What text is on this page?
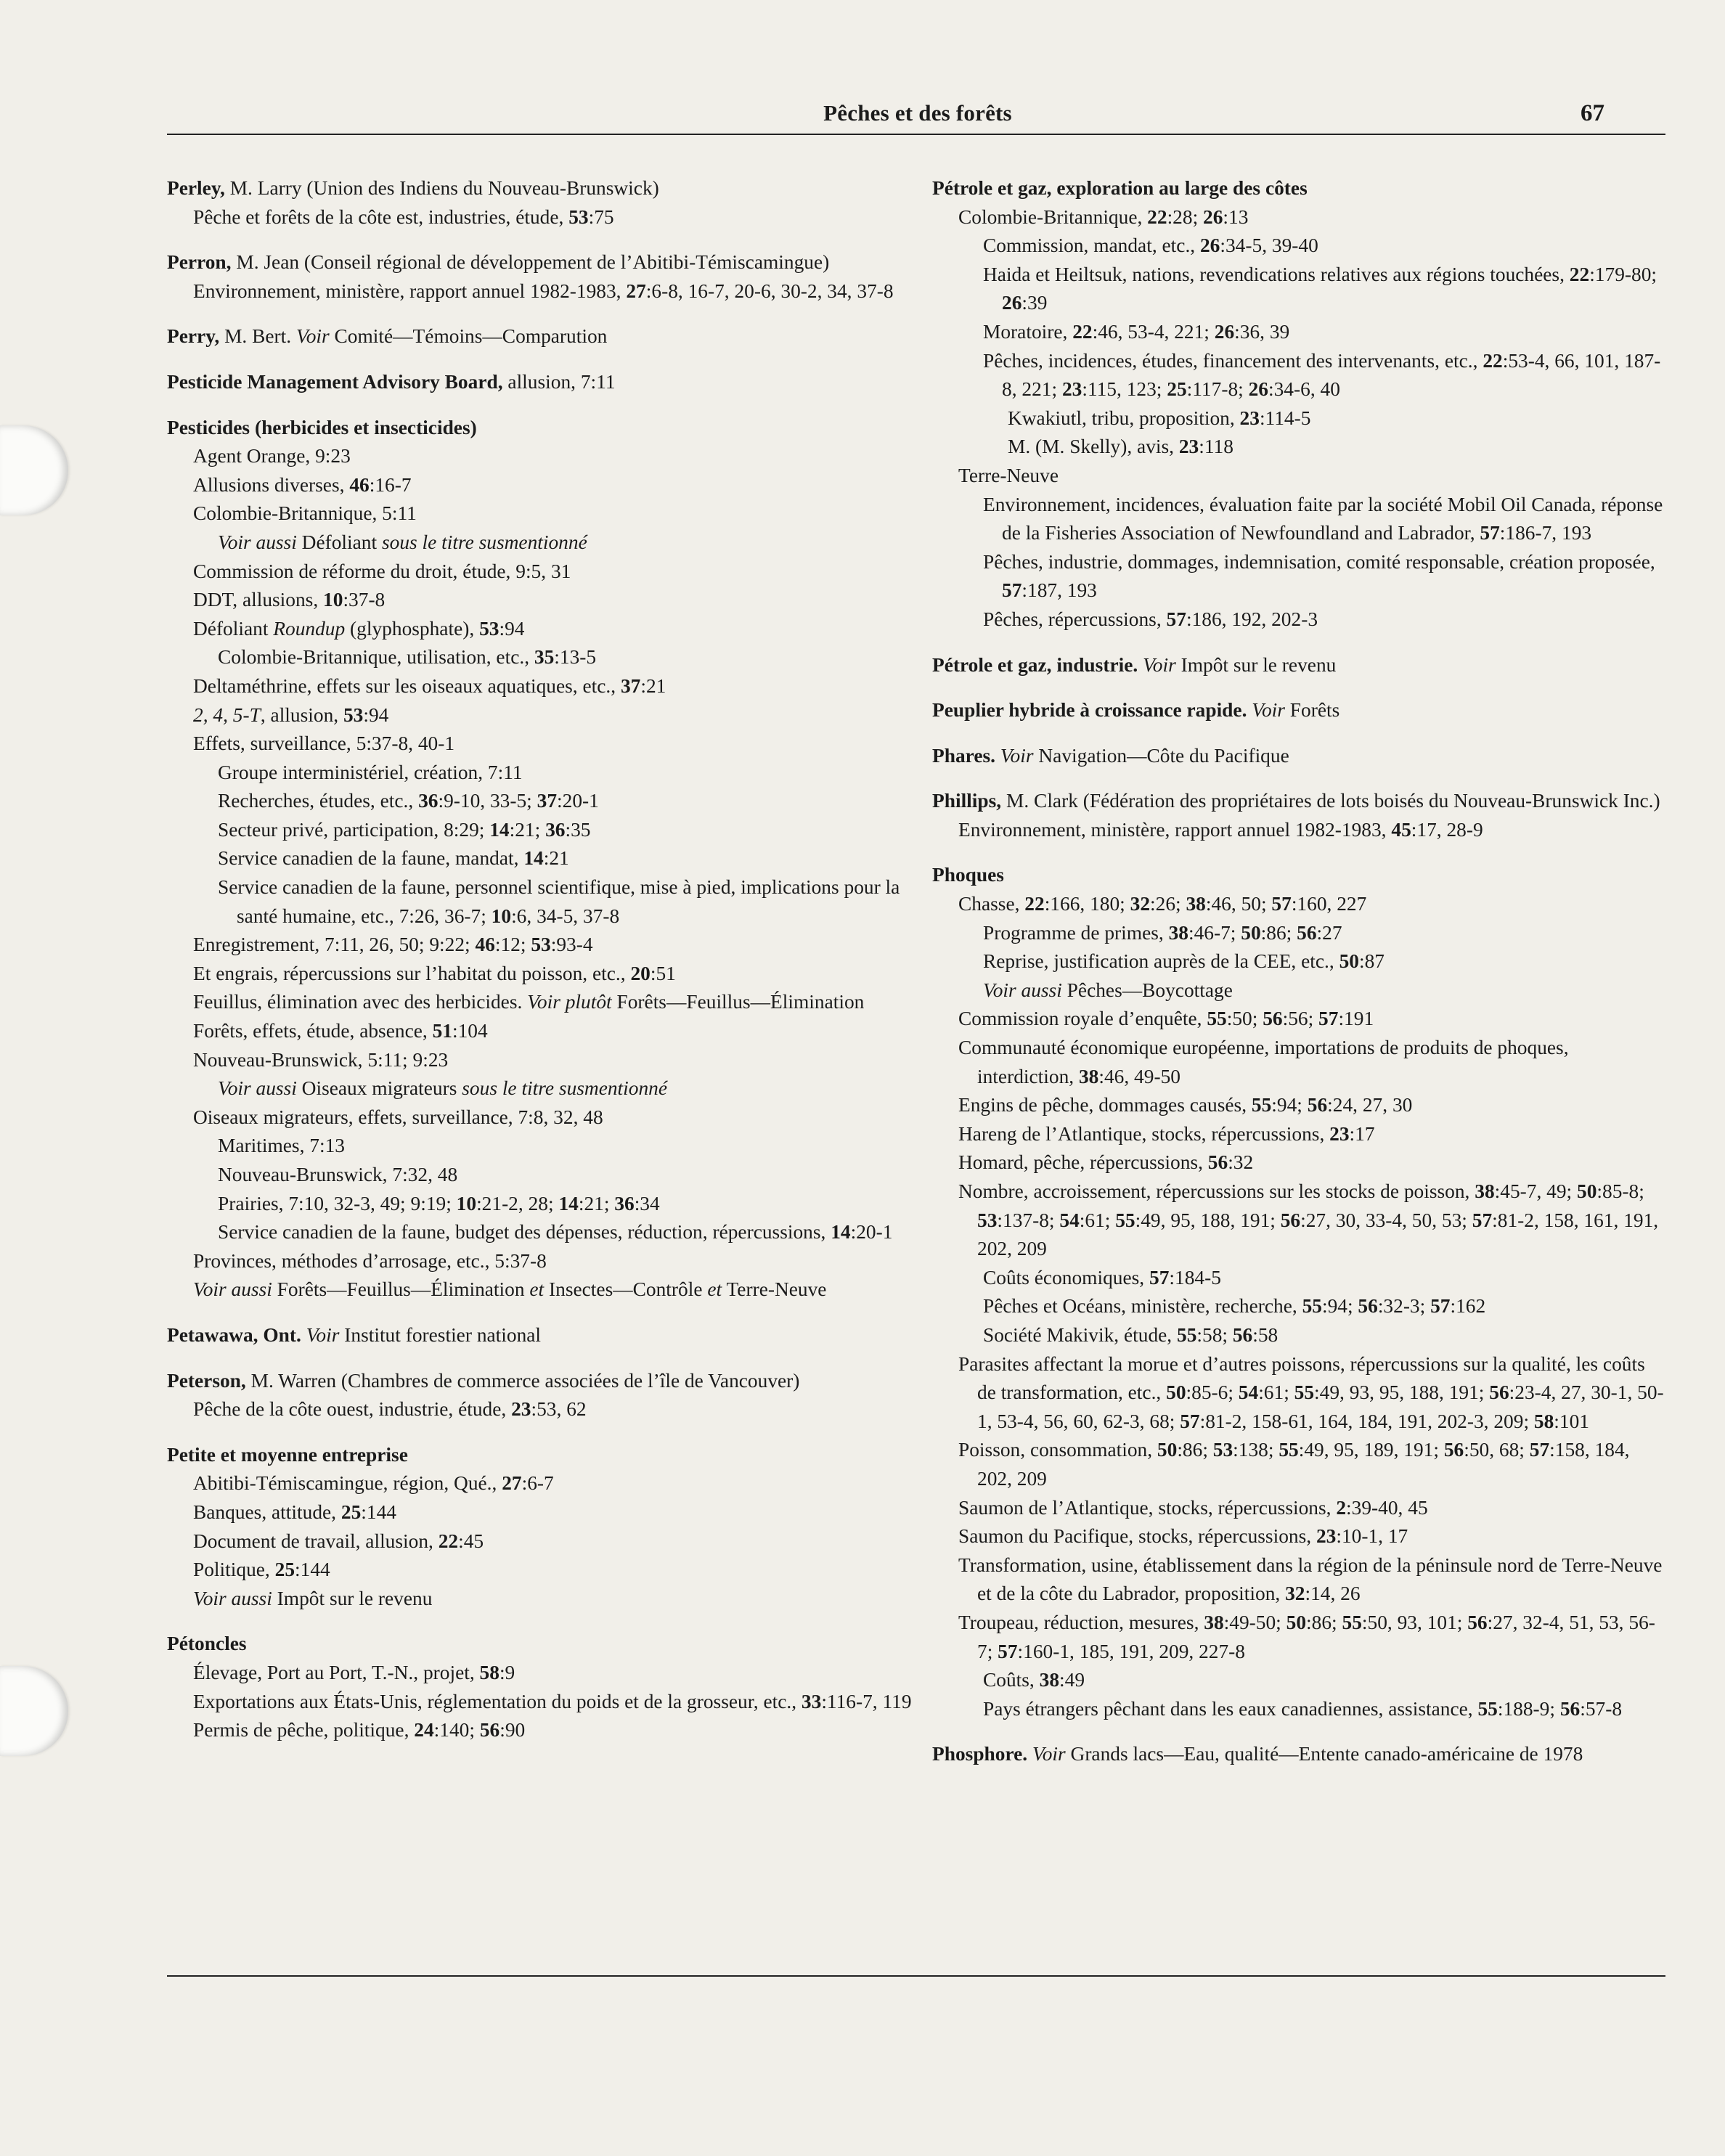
Pêches et des forêts	67

Perley, M. Larry (Union des Indiens du Nouveau-Brunswick)

Pêche et forêts de la côte est, industries, étude, 53:75

Perron, M. Jean (Conseil régional de développement de l’Abitibi-Témiscamingue)

Environnement, ministère, rapport annuel 1982-1983, 27:6-8, 16-7, 20-6, 30-2, 34, 37-8

Perry, M. Bert. Voir Comité—Témoins—Comparution

Pesticide Management Advisory Board, allusion, 7:11

Pesticides (herbicides et insecticides)

Agent Orange, 9:23

Allusions diverses, 46:16-7

Colombie-Britannique, 5:11

Voir aussi Défoliant sous le titre susmentionné

Commission de réforme du droit, étude, 9:5, 31

DDT, allusions, 10:37-8

Défoliant Roundup (glyphosphate), 53:94

Colombie-Britannique, utilisation, etc., 35:13-5

Deltaméthrine, effets sur les oiseaux aquatiques, etc., 37:21

2, 4, 5-T, allusion, 53:94

Effets, surveillance, 5:37-8, 40-1

Groupe interministériel, création, 7:11

Recherches, études, etc., 36:9-10, 33-5; 37:20-1

Secteur privé, participation, 8:29; 14:21; 36:35

Service canadien de la faune, mandat, 14:21

Service canadien de la faune, personnel scientifique, mise à pied, implications pour la santé humaine, etc., 7:26, 36-7; 10:6, 34-5, 37-8

Enregistrement, 7:11, 26, 50; 9:22; 46:12; 53:93-4

Et engrais, répercussions sur l’habitat du poisson, etc., 20:51

Feuillus, élimination avec des herbicides. Voir plutôt Forêts—Feuillus—Élimination

Forêts, effets, étude, absence, 51:104

Nouveau-Brunswick, 5:11; 9:23

Voir aussi Oiseaux migrateurs sous le titre susmentionné

Oiseaux migrateurs, effets, surveillance, 7:8, 32, 48

Maritimes, 7:13

Nouveau-Brunswick, 7:32, 48

Prairies, 7:10, 32-3, 49; 9:19; 10:21-2, 28; 14:21; 36:34

Service canadien de la faune, budget des dépenses, réduction, répercussions, 14:20-1

Provinces, méthodes d’arrosage, etc., 5:37-8

Voir aussi Forêts—Feuillus—Élimination et Insectes—Contrôle et Terre-Neuve

Petawawa, Ont. Voir Institut forestier national

Peterson, M. Warren (Chambres de commerce associées de l’île de Vancouver)

Pêche de la côte ouest, industrie, étude, 23:53, 62

Petite et moyenne entreprise

Abitibi-Témiscamingue, région, Qué., 27:6-7

Banques, attitude, 25:144

Document de travail, allusion, 22:45

Politique, 25:144

Voir aussi Impôt sur le revenu

Pétoncles

Élevage, Port au Port, T.-N., projet, 58:9

Exportations aux États-Unis, réglementation du poids et de la grosseur, etc., 33:116-7, 119

Permis de pêche, politique, 24:140; 56:90

Pétrole et gaz, exploration au large des côtes

Colombie-Britannique, 22:28; 26:13

Commission, mandat, etc., 26:34-5, 39-40

Haida et Heiltsuk, nations, revendications relatives aux régions touchées, 22:179-80; 26:39

Moratoire, 22:46, 53-4, 221; 26:36, 39

Pêches, incidences, études, financement des intervenants, etc., 22:53-4, 66, 101, 187-8, 221; 23:115, 123; 25:117-8; 26:34-6, 40

Kwakiutl, tribu, proposition, 23:114-5

M. (M. Skelly), avis, 23:118

Terre-Neuve

Environnement, incidences, évaluation faite par la société Mobil Oil Canada, réponse de la Fisheries Association of Newfoundland and Labrador, 57:186-7, 193

Pêches, industrie, dommages, indemnisation, comité responsable, création proposée, 57:187, 193

Pêches, répercussions, 57:186, 192, 202-3

Pétrole et gaz, industrie. Voir Impôt sur le revenu

Peuplier hybride à croissance rapide. Voir Forêts

Phares. Voir Navigation—Côte du Pacifique

Phillips, M. Clark (Fédération des propriétaires de lots boisés du Nouveau-Brunswick Inc.)

Environnement, ministère, rapport annuel 1982-1983, 45:17, 28-9

Phoques

Chasse, 22:166, 180; 32:26; 38:46, 50; 57:160, 227

Programme de primes, 38:46-7; 50:86; 56:27

Reprise, justification auprès de la CEE, etc., 50:87

Voir aussi Pêches—Boycottage

Commission royale d’enquête, 55:50; 56:56; 57:191

Communauté économique européenne, importations de produits de phoques, interdiction, 38:46, 49-50

Engins de pêche, dommages causés, 55:94; 56:24, 27, 30

Hareng de l’Atlantique, stocks, répercussions, 23:17

Homard, pêche, répercussions, 56:32

Nombre, accroissement, répercussions sur les stocks de poisson, 38:45-7, 49; 50:85-8; 53:137-8; 54:61; 55:49, 95, 188, 191; 56:27, 30, 33-4, 50, 53; 57:81-2, 158, 161, 191, 202, 209

Coûts économiques, 57:184-5

Pêches et Océans, ministère, recherche, 55:94; 56:32-3; 57:162

Société Makivik, étude, 55:58; 56:58

Parasites affectant la morue et d’autres poissons, répercussions sur la qualité, les coûts de transformation, etc., 50:85-6; 54:61; 55:49, 93, 95, 188, 191; 56:23-4, 27, 30-1, 50-1, 53-4, 56, 60, 62-3, 68; 57:81-2, 158-61, 164, 184, 191, 202-3, 209; 58:101

Poisson, consommation, 50:86; 53:138; 55:49, 95, 189, 191; 56:50, 68; 57:158, 184, 202, 209

Saumon de l’Atlantique, stocks, répercussions, 2:39-40, 45

Saumon du Pacifique, stocks, répercussions, 23:10-1, 17

Transformation, usine, établissement dans la région de la péninsule nord de Terre-Neuve et de la côte du Labrador, proposition, 32:14, 26

Troupeau, réduction, mesures, 38:49-50; 50:86; 55:50, 93, 101; 56:27, 32-4, 51, 53, 56-7; 57:160-1, 185, 191, 209, 227-8

Coûts, 38:49

Pays étrangers pêchant dans les eaux canadiennes, assistance, 55:188-9; 56:57-8

Phosphore. Voir Grands lacs—Eau, qualité—Entente canado-américaine de 1978
